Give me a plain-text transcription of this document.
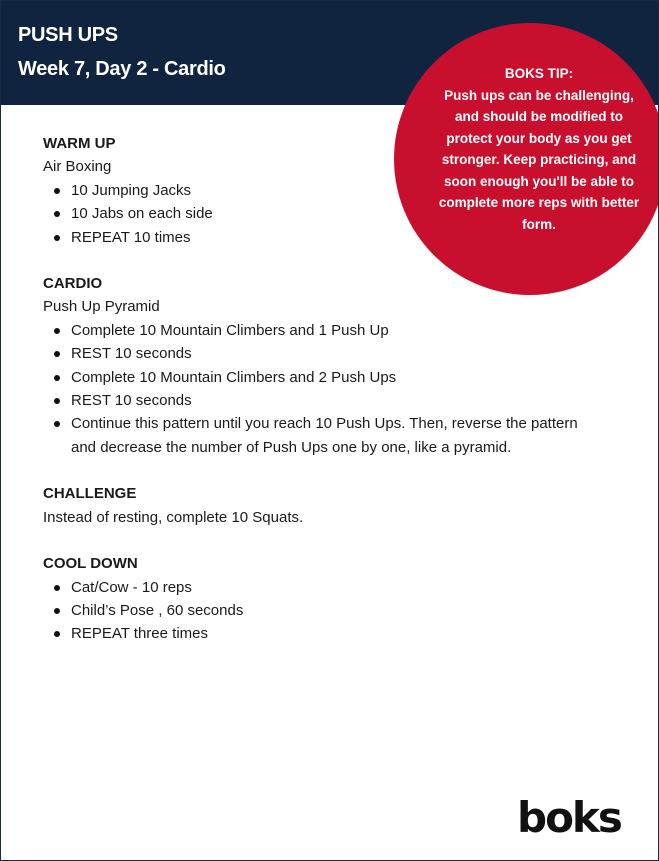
PUSH UPS
Week 7, Day 2 - Cardio	BOKS TIP:
Push ups can be challenging, and should be modified to protect your body as you get stronger. Keep practicing, and soon enough you'll be able to complete more reps with better form.
WARM UP
Air Boxing
10 Jumping Jacks
10 Jabs on each side
REPEAT 10 times
CARDIO
Push Up Pyramid
Complete 10 Mountain Climbers and 1 Push Up
REST 10 seconds
Complete 10 Mountain Climbers and 2 Push Ups
REST 10 seconds
Continue this pattern until you reach 10 Push Ups. Then, reverse the pattern and decrease the number of Push Ups one by one, like a pyramid.
CHALLENGE
Instead of resting, complete 10 Squats.
COOL DOWN
Cat/Cow - 10 reps
Child’s Pose , 60 seconds
REPEAT three times
boks
